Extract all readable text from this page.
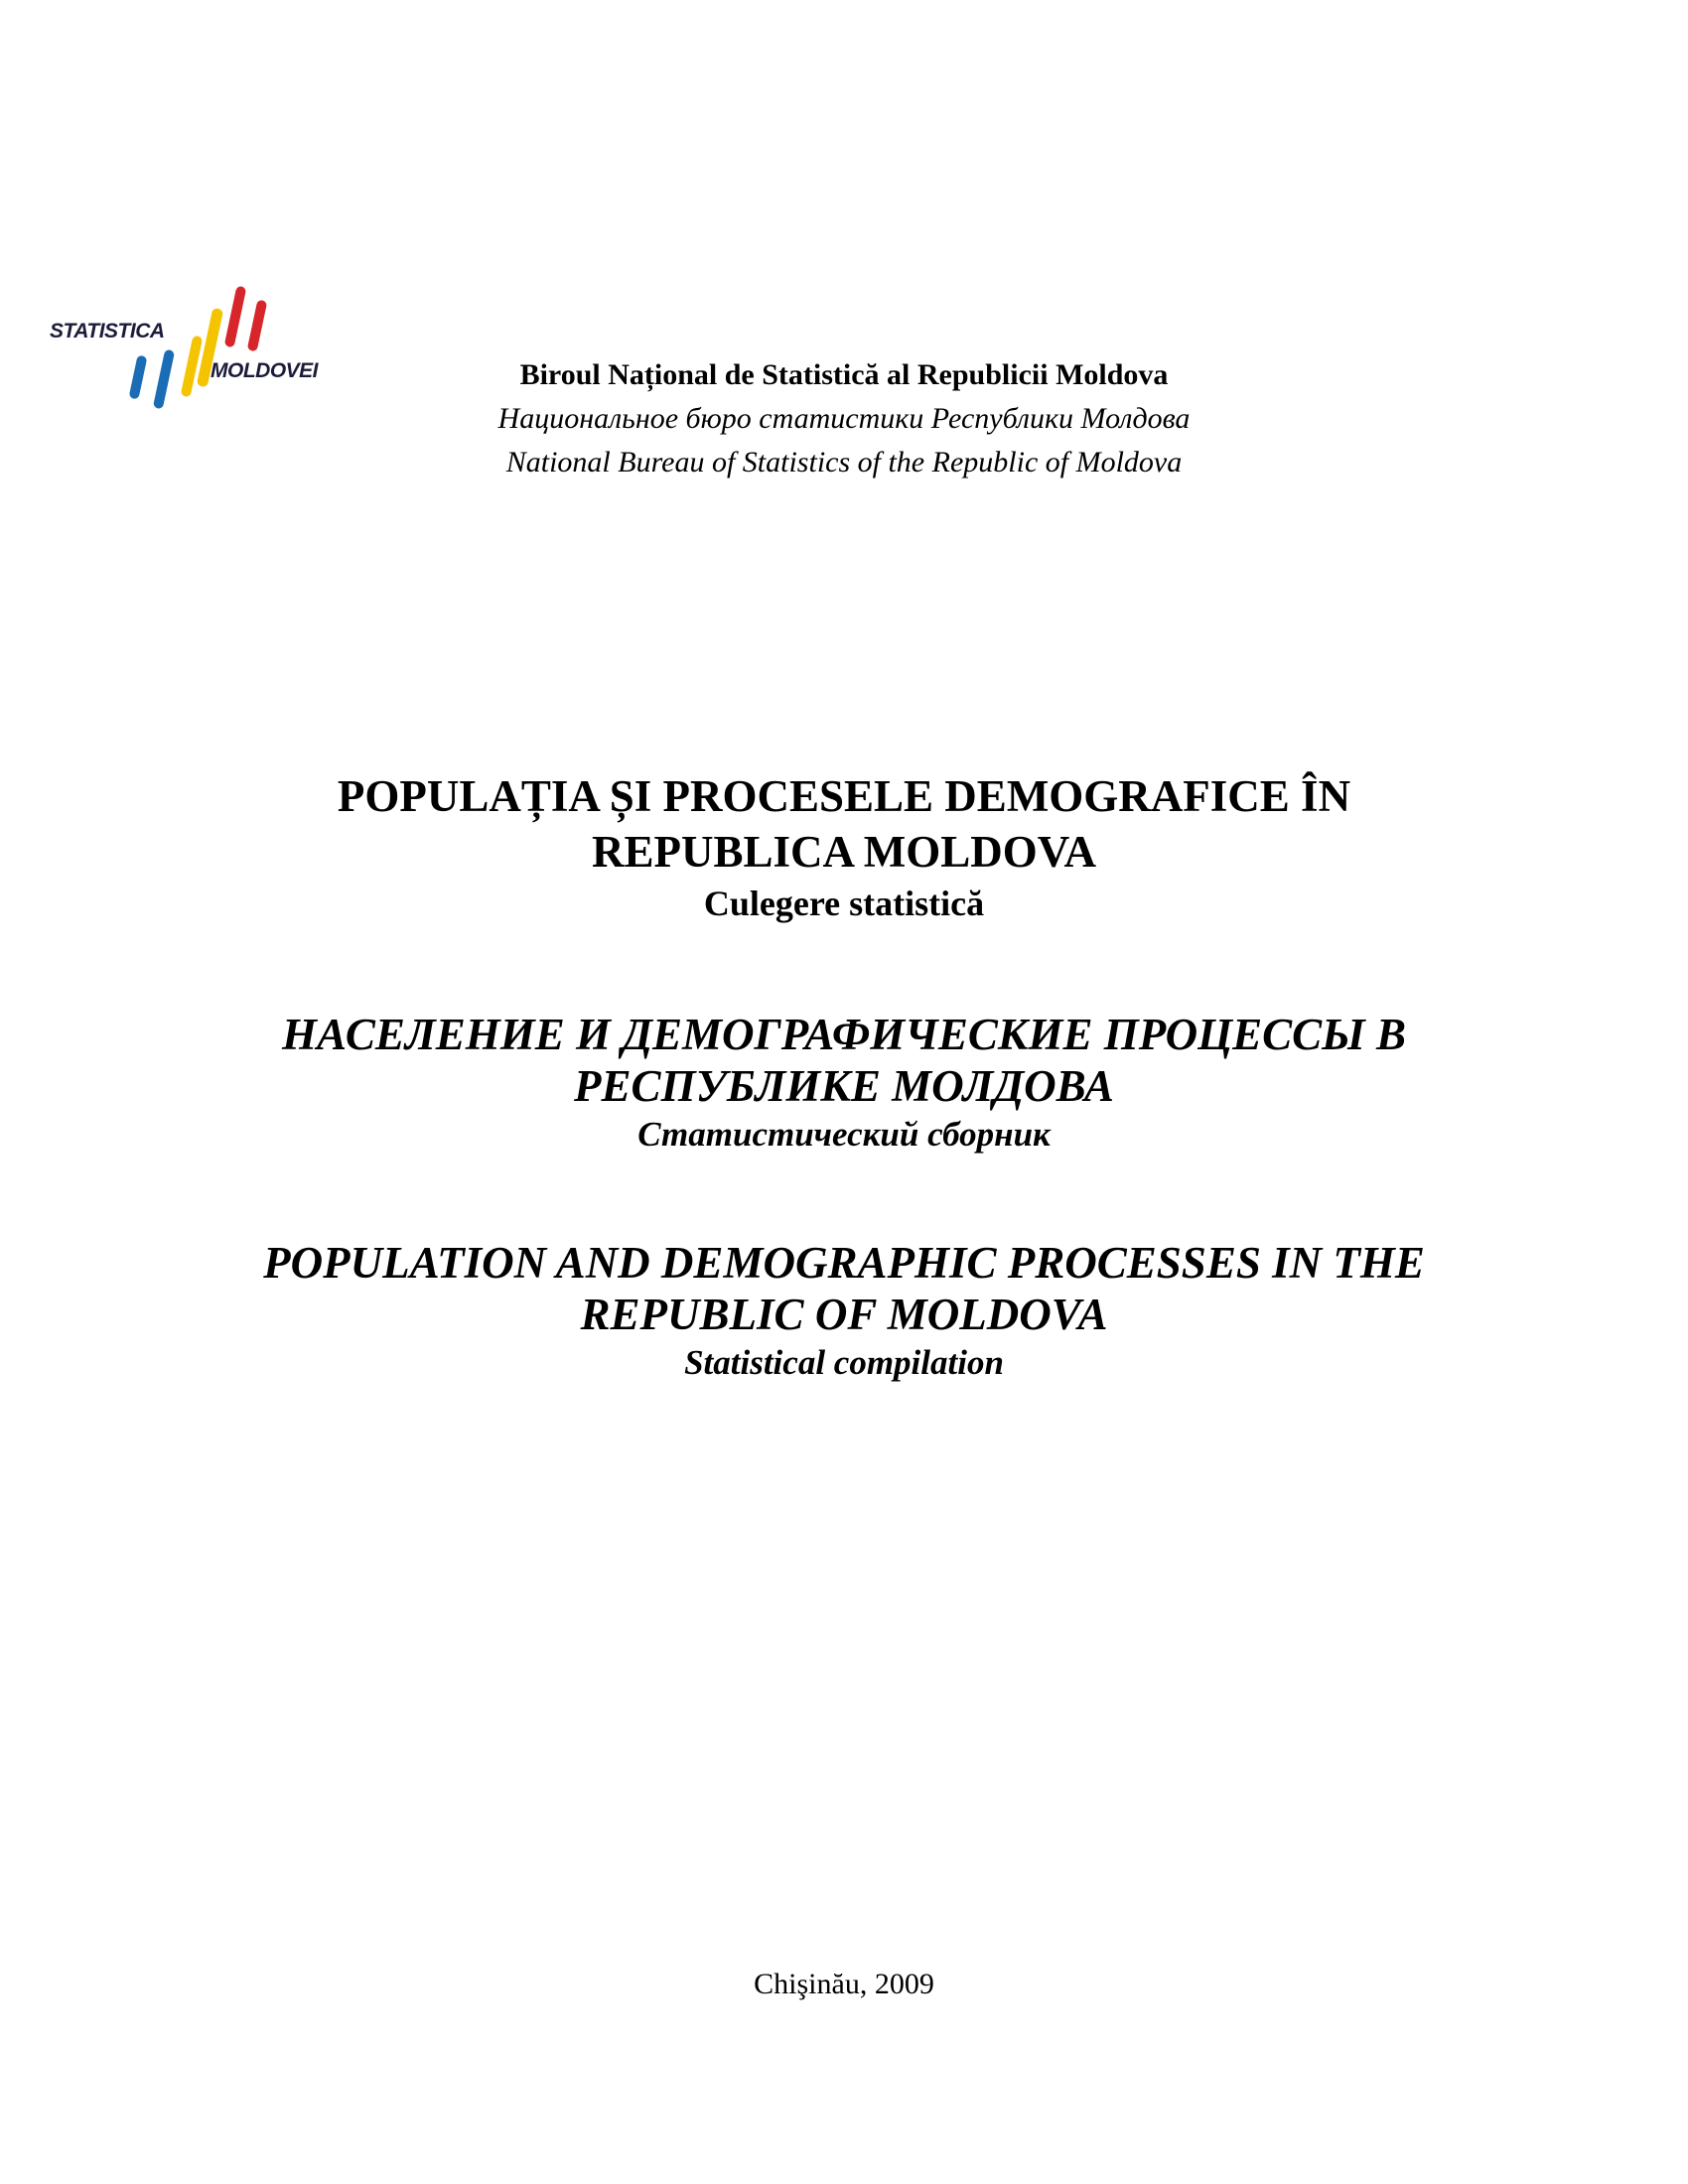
STATISTICA
MOLDOVEI	Biroul Național de Statistică al Republicii Moldova
Национальное бюро статистики Республики Молдова
National Bureau of Statistics of the Republic of Moldova
POPULAȚIA ȘI PROCESELE DEMOGRAFICE ÎN
REPUBLICA MOLDOVA
Culegere statistică
НАСЕЛЕНИЕ И ДЕМОГРАФИЧЕСКИЕ ПРОЦЕССЫ В
РЕСПУБЛИКЕ МОЛДОВА
Статистический сборник
POPULATION AND DEMOGRAPHIC PROCESSES IN THE
REPUBLIC OF MOLDOVA
Statistical compilation
Chişinău, 2009
